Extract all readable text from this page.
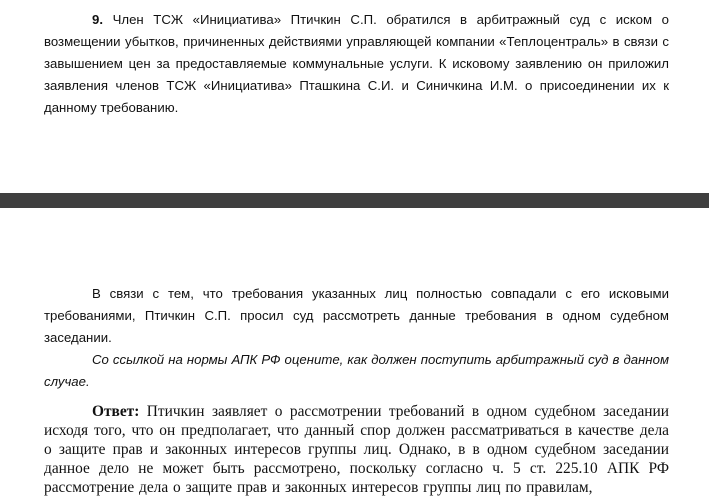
9. Член ТСЖ «Инициатива» Птичкин С.П. обратился в арбитражный суд с иском о возмещении убытков, причиненных действиями управляющей компании «Теплоцентраль» в связи с завышением цен за предоставляемые коммунальные услуги. К исковому заявлению он приложил заявления членов ТСЖ «Инициатива» Пташкина С.И. и Синичкина И.М. о присоединении их к данному требованию.

В связи с тем, что требования указанных лиц полностью совпадали с его исковыми требованиями, Птичкин С.П. просил суд рассмотреть данные требования в одном судебном заседании.

Со ссылкой на нормы АПК РФ оцените, как должен поступить арбитражный суд в данном случае.

Ответ: Птичкин заявляет о рассмотрении требований в одном судебном заседании исходя того, что он предполагает, что данный спор должен рассматриваться в качестве дела о защите прав и законных интересов группы лиц. Однако, в в одном судебном заседании данное дело не может быть рассмотрено, поскольку согласно ч. 5 ст. 225.10 АПК РФ рассмотрение дела о защите прав и законных интересов группы лиц по правилам,
